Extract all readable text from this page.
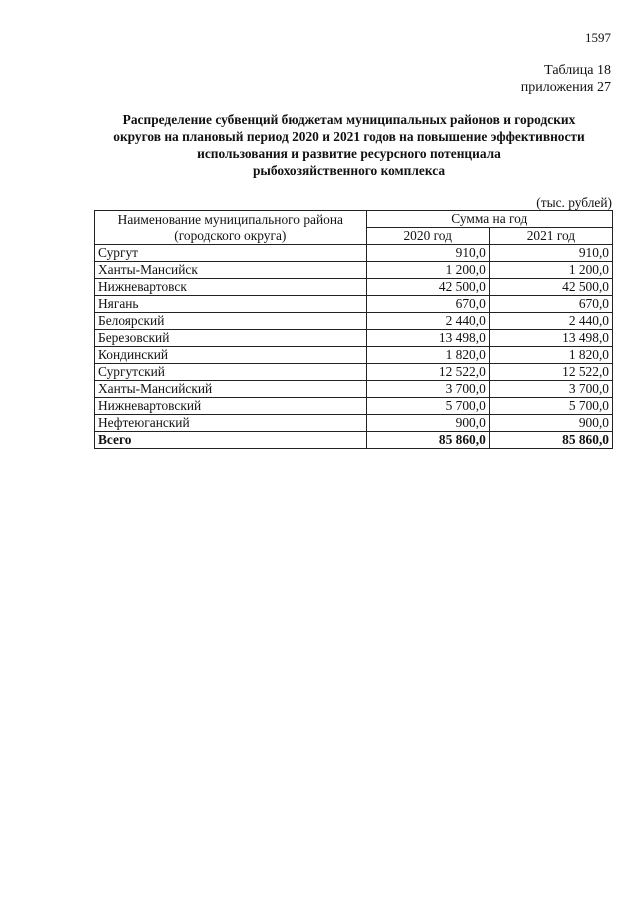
1597
Таблица 18
приложения 27
Распределение субвенций бюджетам муниципальных районов и городских
округов на плановый период 2020 и 2021 годов на повышение эффективности
использования и развитие ресурсного потенциала
рыбохозяйственного комплекса
(тыс. рублей)
Наименование муниципального района
(городского округа)	Сумма на год	
	2020 год	2021 год
Сургут	910,0	910,0
Ханты-Мансийск	1 200,0	1 200,0
Нижневартовск	42 500,0	42 500,0
Нягань	670,0	670,0
Белоярский	2 440,0	2 440,0
Березовский	13 498,0	13 498,0
Кондинский	1 820,0	1 820,0
Сургутский	12 522,0	12 522,0
Ханты-Мансийский	3 700,0	3 700,0
Нижневартовский	5 700,0	5 700,0
Нефтеюганский	900,0	900,0
Всего	85 860,0	85 860,0
